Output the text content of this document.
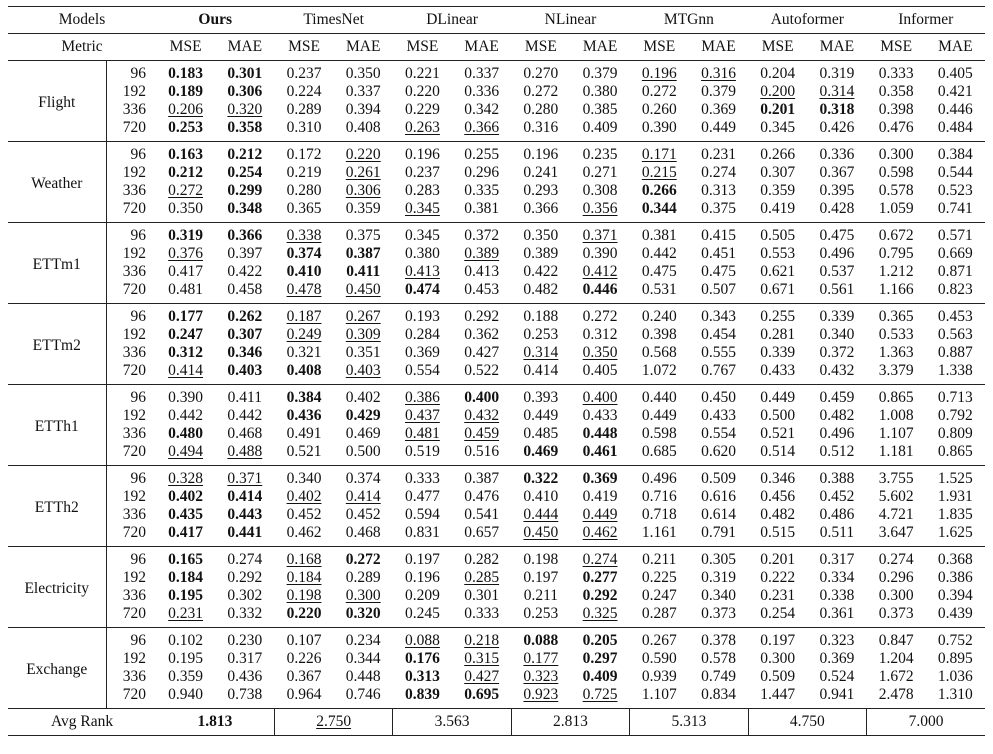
Models		Ours		TimesNet		DLinear		NLinear		MTGnn		Autoformer		Informer	
Metric		MSE	MAE	MSE	MAE	MSE	MAE	MSE	MAE	MSE	MAE	MSE	MAE	MSE	MAE
Flight	96	0.183	0.301	0.237	0.350	0.221	0.337	0.270	0.379	0.196	0.316	0.204	0.319	0.333	0.405
	192	0.189	0.306	0.224	0.337	0.220	0.336	0.272	0.380	0.272	0.379	0.200	0.314	0.358	0.421
	336	0.206	0.320	0.289	0.394	0.229	0.342	0.280	0.385	0.260	0.369	0.201	0.318	0.398	0.446
	720	0.253	0.358	0.310	0.408	0.263	0.366	0.316	0.409	0.390	0.449	0.345	0.426	0.476	0.484
Weather	96	0.163	0.212	0.172	0.220	0.196	0.255	0.196	0.235	0.171	0.231	0.266	0.336	0.300	0.384
	192	0.212	0.254	0.219	0.261	0.237	0.296	0.241	0.271	0.215	0.274	0.307	0.367	0.598	0.544
	336	0.272	0.299	0.280	0.306	0.283	0.335	0.293	0.308	0.266	0.313	0.359	0.395	0.578	0.523
	720	0.350	0.348	0.365	0.359	0.345	0.381	0.366	0.356	0.344	0.375	0.419	0.428	1.059	0.741
ETTm1	96	0.319	0.366	0.338	0.375	0.345	0.372	0.350	0.371	0.381	0.415	0.505	0.475	0.672	0.571
	192	0.376	0.397	0.374	0.387	0.380	0.389	0.389	0.390	0.442	0.451	0.553	0.496	0.795	0.669
	336	0.417	0.422	0.410	0.411	0.413	0.413	0.422	0.412	0.475	0.475	0.621	0.537	1.212	0.871
	720	0.481	0.458	0.478	0.450	0.474	0.453	0.482	0.446	0.531	0.507	0.671	0.561	1.166	0.823
ETTm2	96	0.177	0.262	0.187	0.267	0.193	0.292	0.188	0.272	0.240	0.343	0.255	0.339	0.365	0.453
	192	0.247	0.307	0.249	0.309	0.284	0.362	0.253	0.312	0.398	0.454	0.281	0.340	0.533	0.563
	336	0.312	0.346	0.321	0.351	0.369	0.427	0.314	0.350	0.568	0.555	0.339	0.372	1.363	0.887
	720	0.414	0.403	0.408	0.403	0.554	0.522	0.414	0.405	1.072	0.767	0.433	0.432	3.379	1.338
ETTh1	96	0.390	0.411	0.384	0.402	0.386	0.400	0.393	0.400	0.440	0.450	0.449	0.459	0.865	0.713
	192	0.442	0.442	0.436	0.429	0.437	0.432	0.449	0.433	0.449	0.433	0.500	0.482	1.008	0.792
	336	0.480	0.468	0.491	0.469	0.481	0.459	0.485	0.448	0.598	0.554	0.521	0.496	1.107	0.809
	720	0.494	0.488	0.521	0.500	0.519	0.516	0.469	0.461	0.685	0.620	0.514	0.512	1.181	0.865
ETTh2	96	0.328	0.371	0.340	0.374	0.333	0.387	0.322	0.369	0.496	0.509	0.346	0.388	3.755	1.525
	192	0.402	0.414	0.402	0.414	0.477	0.476	0.410	0.419	0.716	0.616	0.456	0.452	5.602	1.931
	336	0.435	0.443	0.452	0.452	0.594	0.541	0.444	0.449	0.718	0.614	0.482	0.486	4.721	1.835
	720	0.417	0.441	0.462	0.468	0.831	0.657	0.450	0.462	1.161	0.791	0.515	0.511	3.647	1.625
Electricity	96	0.165	0.274	0.168	0.272	0.197	0.282	0.198	0.274	0.211	0.305	0.201	0.317	0.274	0.368
	192	0.184	0.292	0.184	0.289	0.196	0.285	0.197	0.277	0.225	0.319	0.222	0.334	0.296	0.386
	336	0.195	0.302	0.198	0.300	0.209	0.301	0.211	0.292	0.247	0.340	0.231	0.338	0.300	0.394
	720	0.231	0.332	0.220	0.320	0.245	0.333	0.253	0.325	0.287	0.373	0.254	0.361	0.373	0.439
Exchange	96	0.102	0.230	0.107	0.234	0.088	0.218	0.088	0.205	0.267	0.378	0.197	0.323	0.847	0.752
	192	0.195	0.317	0.226	0.344	0.176	0.315	0.177	0.297	0.590	0.578	0.300	0.369	1.204	0.895
	336	0.359	0.436	0.367	0.448	0.313	0.427	0.323	0.409	0.939	0.749	0.509	0.524	1.672	1.036
	720	0.940	0.738	0.964	0.746	0.839	0.695	0.923	0.725	1.107	0.834	1.447	0.941	2.478	1.310
Avg Rank		1.813		2.750		3.563		2.813		5.313		4.750		7.000	
